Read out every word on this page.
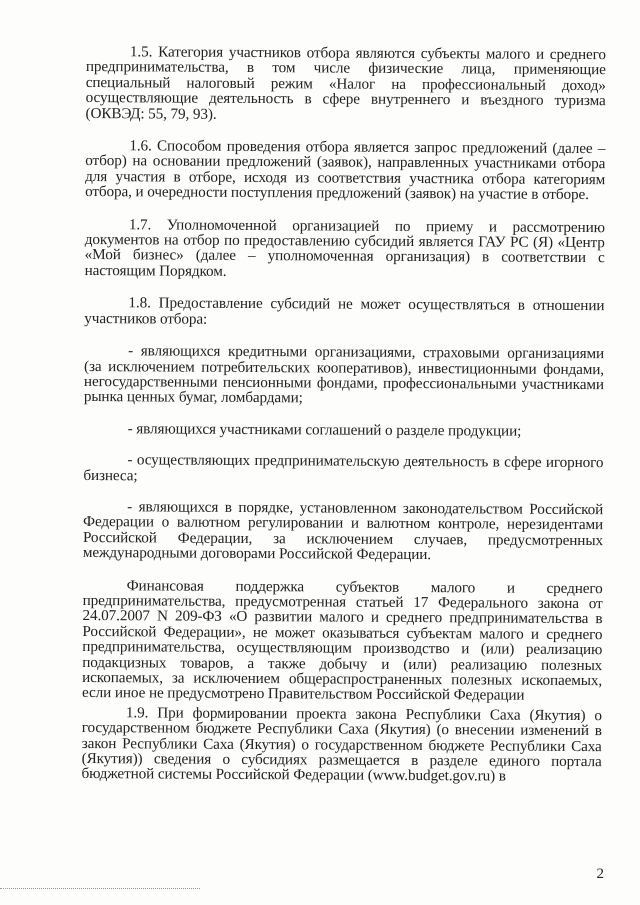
1.5. Категория участников отбора являются субъекты малого и среднего предпринимательства, в том числе физические лица, применяющие специальный налоговый режим «Налог на профессиональный доход» осуществляющие деятельность в сфере внутреннего и въездного туризма (ОКВЭД: 55, 79, 93).

1.6. Способом проведения отбора является запрос предложений (далее – отбор) на основании предложений (заявок), направленных участниками отбора для участия в отборе, исходя из соответствия участника отбора категориям отбора, и очередности поступления предложений (заявок) на участие в отборе.

1.7. Уполномоченной организацией по приему и рассмотрению документов на отбор по предоставлению субсидий является ГАУ РС (Я) «Центр «Мой бизнес» (далее – уполномоченная организация) в соответствии с настоящим Порядком.

1.8. Предоставление субсидий не может осуществляться в отношении участников отбора:

- являющихся кредитными организациями, страховыми организациями (за исключением потребительских кооперативов), инвестиционными фондами, негосударственными пенсионными фондами, профессиональными участниками рынка ценных бумаг, ломбардами;

- являющихся участниками соглашений о разделе продукции;

- осуществляющих предпринимательскую деятельность в сфере игорного бизнеса;

- являющихся в порядке, установленном законодательством Российской Федерации о валютном регулировании и валютном контроле, нерезидентами Российской Федерации, за исключением случаев, предусмотренных международными договорами Российской Федерации.

Финансовая поддержка субъектов малого и среднего предпринимательства, предусмотренная статьей 17 Федерального закона от 24.07.2007 N 209-ФЗ «О развитии малого и среднего предпринимательства в Российской Федерации», не может оказываться субъектам малого и среднего предпринимательства, осуществляющим производство и (или) реализацию подакцизных товаров, а также добычу и (или) реализацию полезных ископаемых, за исключением общераспространенных полезных ископаемых, если иное не предусмотрено Правительством Российской Федерации

1.9. При формировании проекта закона Республики Саха (Якутия) о государственном бюджете Республики Саха (Якутия) (о внесении изменений в закон Республики Саха (Якутия) о государственном бюджете Республики Саха (Якутия)) сведения о субсидиях размещается в разделе единого портала бюджетной системы Российской Федерации (www.budget.gov.ru) в

2
